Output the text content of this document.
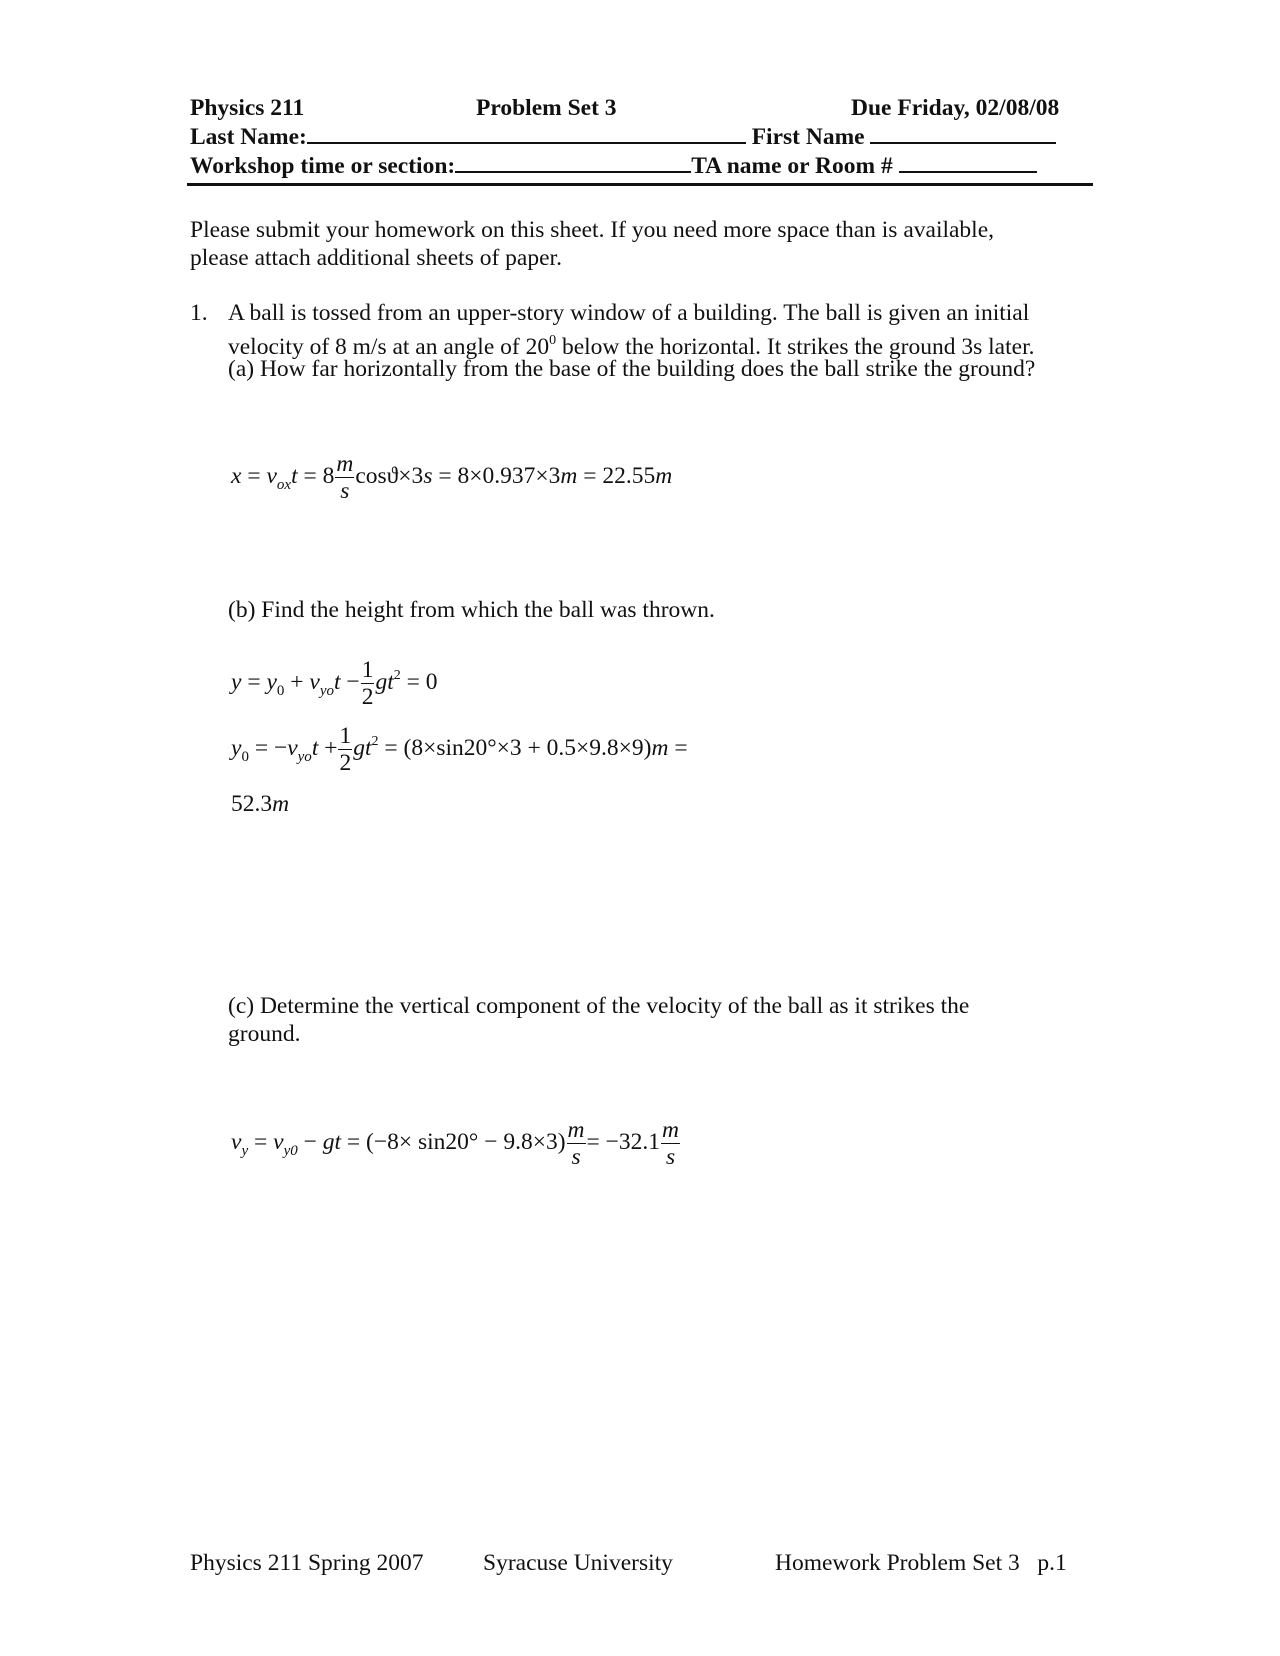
Physics 211	Problem Set 3	Due Friday, 02/08/08
Last Name:	First Name
Workshop time or section:	TA name or Room #
Please submit your homework on this sheet. If you need more space than is available,
please attach additional sheets of paper.
1. A ball is tossed from an upper-story window of a building. The ball is given an initial
velocity of 8 m/s at an angle of $20^0$ below the horizontal. It strikes the ground 3s later.
(a) How far horizontally from the base of the building does the ball strike the ground?
$x = v_{ox}t = 8 \frac{m}{s} \cos ϑ\times 3s = 8\times 0.937\times 3m = 22.55m$
(b) Find the height from which the ball was thrown.
$y = y_0 + v_{yo}t - \frac{1}{2} gt^2 = 0$
$y_0 = -v_{yo}t + \frac{1}{2} gt^2 = (8\times\sin 20^\circ\times 3 + 0.5\times 9.8\times 9)m$ =
52.3m
(c) Determine the vertical component of the velocity of the ball as it strikes the
ground.
$v_y = v_{y0}$ − gt = $(-8\times \sin 20^\circ - 9.8\times 3) \frac{m}{s} = -32.1 \frac{m}{s}$
Physics 211 Spring 2007	Syracuse University	Homework Problem Set 3   p.1
